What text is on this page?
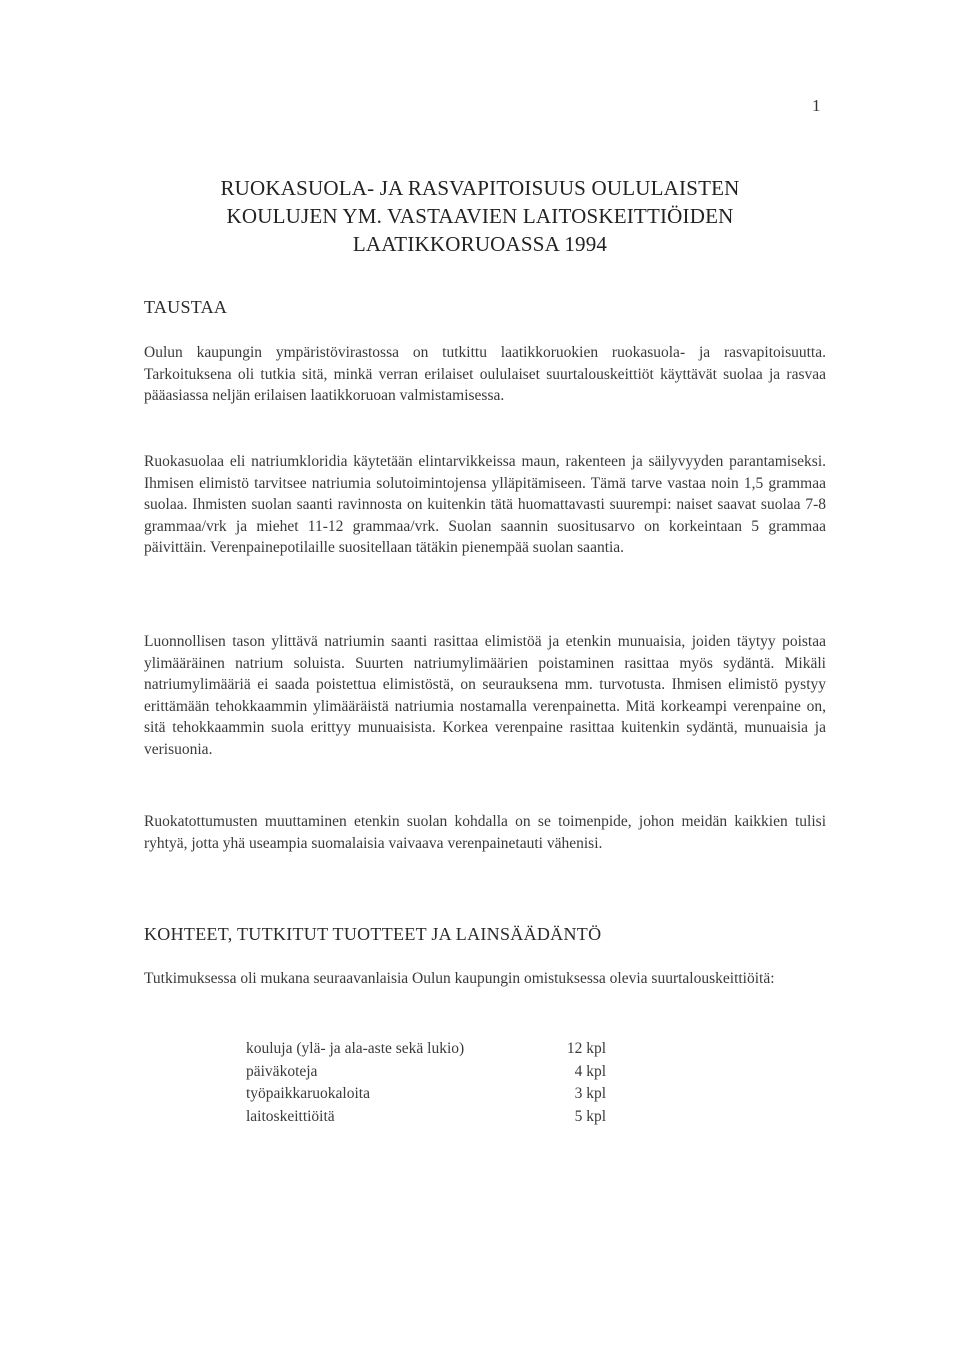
1
RUOKASUOLA- JA RASVAPITOISUUS OULULAISTEN
KOULUJEN YM. VASTAAVIEN LAITOSKEITTIÖIDEN
LAATIKKORUOASSA 1994
TAUSTAA
Oulun kaupungin ympäristövirastossa on tutkittu laatikkoruokien ruokasuola- ja rasvapitoisuutta. Tarkoituksena oli tutkia sitä, minkä verran erilaiset oululaiset suurtalouskeittiöt käyttävät suolaa ja rasvaa pääasiassa neljän erilaisen laatikkoruoan valmistamisessa.
Ruokasuolaa eli natriumkloridia käytetään elintarvikkeissa maun, rakenteen ja säilyvyyden parantamiseksi. Ihmisen elimistö tarvitsee natriumia solutoimintojensa ylläpitämiseen. Tämä tarve vastaa noin 1,5 grammaa suolaa. Ihmisten suolan saanti ravinnosta on kuitenkin tätä huomattavasti suurempi: naiset saavat suolaa 7-8 grammaa/vrk ja miehet 11-12 grammaa/vrk. Suolan saannin suositusarvo on korkeintaan 5 grammaa päivittäin. Verenpainepotilaille suositellaan tätäkin pienempää suolan saantia.
Luonnollisen tason ylittävä natriumin saanti rasittaa elimistöä ja etenkin munuaisia, joiden täytyy poistaa ylimääräinen natrium soluista. Suurten natriumylimäärien poistaminen rasittaa myös sydäntä. Mikäli natriumylimääriä ei saada poistettua elimistöstä, on seurauksena mm. turvotusta. Ihmisen elimistö pystyy erittämään tehokkaammin ylimääräistä natriumia nostamalla verenpainetta. Mitä korkeampi verenpaine on, sitä tehokkaammin suola erittyy munuaisista. Korkea verenpaine rasittaa kuitenkin sydäntä, munuaisia ja verisuonia.
Ruokatottumusten muuttaminen etenkin suolan kohdalla on se toimenpide, johon meidän kaikkien tulisi ryhtyä, jotta yhä useampia suomalaisia vaivaava verenpainetauti vähenisi.
KOHTEET, TUTKITUT TUOTTEET JA LAINSÄÄDÄNTÖ
Tutkimuksessa oli mukana seuraavanlaisia Oulun kaupungin omistuksessa olevia suurtalouskeittiöitä:
kouluja (ylä- ja ala-aste sekä lukio)	12 kpl
päiväkoteja	4 kpl
työpaikkaruokaloita	3 kpl
laitoskeittiöitä	5 kpl
